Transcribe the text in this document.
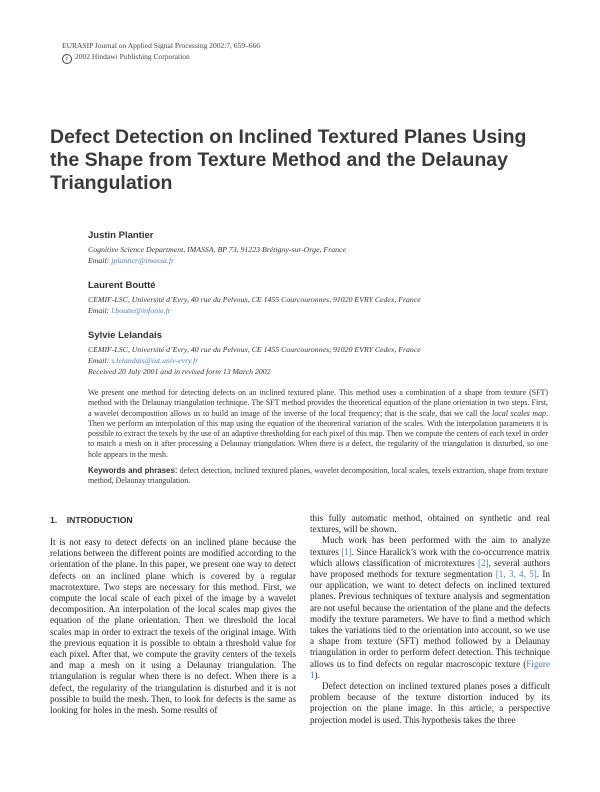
EURASIP Journal on Applied Signal Processing 2002:7, 659–666
c 2002 Hindawi Publishing Corporation
Defect Detection on Inclined Textured Planes Using the Shape from Texture Method and the Delaunay Triangulation
Justin Plantier
Cognitive Science Department, IMASSA, BP 73, 91223 Brétigny-sur-Orge, France
Email: jplantier@imassa.fr
Laurent Boutté
CEMIF-LSC, Université d’Evry, 40 rue du Pelvoux, CE 1455 Courcouronnes, 91020 EVRY Cedex, France
Email: l.boutte@infonie.fr
Sylvie Lelandais
CEMIF-LSC, Université d’Evry, 40 rue du Pelvoux, CE 1455 Courcouronnes, 91020 EVRY Cedex, France
Email: s.lelandais@iut.univ-evry.fr
Received 20 July 2001 and in revised form 13 March 2002
We present one method for detecting defects on an inclined textured plane. This method uses a combination of a shape from texture (SFT) method with the Delaunay triangulation technique. The SFT method provides the theoretical equation of the plane orientation in two steps. First, a wavelet decomposition allows us to build an image of the inverse of the local frequency; that is the scale, that we call the local scales map. Then we perform an interpolation of this map using the equation of the theoretical variation of the scales. With the interpolation parameters it is possible to extract the texels by the use of an adaptive thresholding for each pixel of this map. Then we compute the centers of each texel in order to match a mesh on it after processing a Delaunay triangulation. When there is a defect, the regularity of the triangulation is disturbed, so one hole appears in the mesh.
Keywords and phrases: defect detection, inclined textured planes, wavelet decomposition, local scales, texels extraction, shape from texture method, Delaunay triangulation.
1. INTRODUCTION

It is not easy to detect defects on an inclined plane because the relations between the different points are modified according to the orientation of the plane. In this paper, we present one way to detect defects on an inclined plane which is covered by a regular macrotexture. Two steps are necessary for this method. First, we compute the local scale of each pixel of the image by a wavelet decomposition. An interpolation of the local scales map gives the equation of the plane orientation. Then we threshold the local scales map in order to extract the texels of the original image. With the previous equation it is possible to obtain a threshold value for each pixel. After that, we compute the gravity centers of the texels and map a mesh on it using a Delaunay triangulation. The triangulation is regular when there is no defect. When there is a defect, the regularity of the triangulation is disturbed and it is not possible to build the mesh. Then, to look for defects is the same as looking for holes in the mesh. Some results of

this fully automatic method, obtained on synthetic and real textures, will be shown.

Much work has been performed with the aim to analyze textures [1]. Since Haralick’s work with the co-occurrence matrix which allows classification of microtextures [2], several authors have proposed methods for texture segmentation [1, 3, 4, 5]. In our application, we want to detect defects on inclined textured planes. Previous techniques of texture analysis and segmentation are not useful because the orientation of the plane and the defects modify the texture parameters. We have to find a method which takes the variations tied to the orientation into account, so we use a shape from texture (SFT) method followed by a Delaunay triangulation in order to perform defect detection. This technique allows us to find defects on regular macroscopic texture (Figure 1).

Defect detection on inclined textured planes poses a difficult problem because of the texture distortion induced by its projection on the plane image. In this article, a perspective projection model is used. This hypothesis takes the three
